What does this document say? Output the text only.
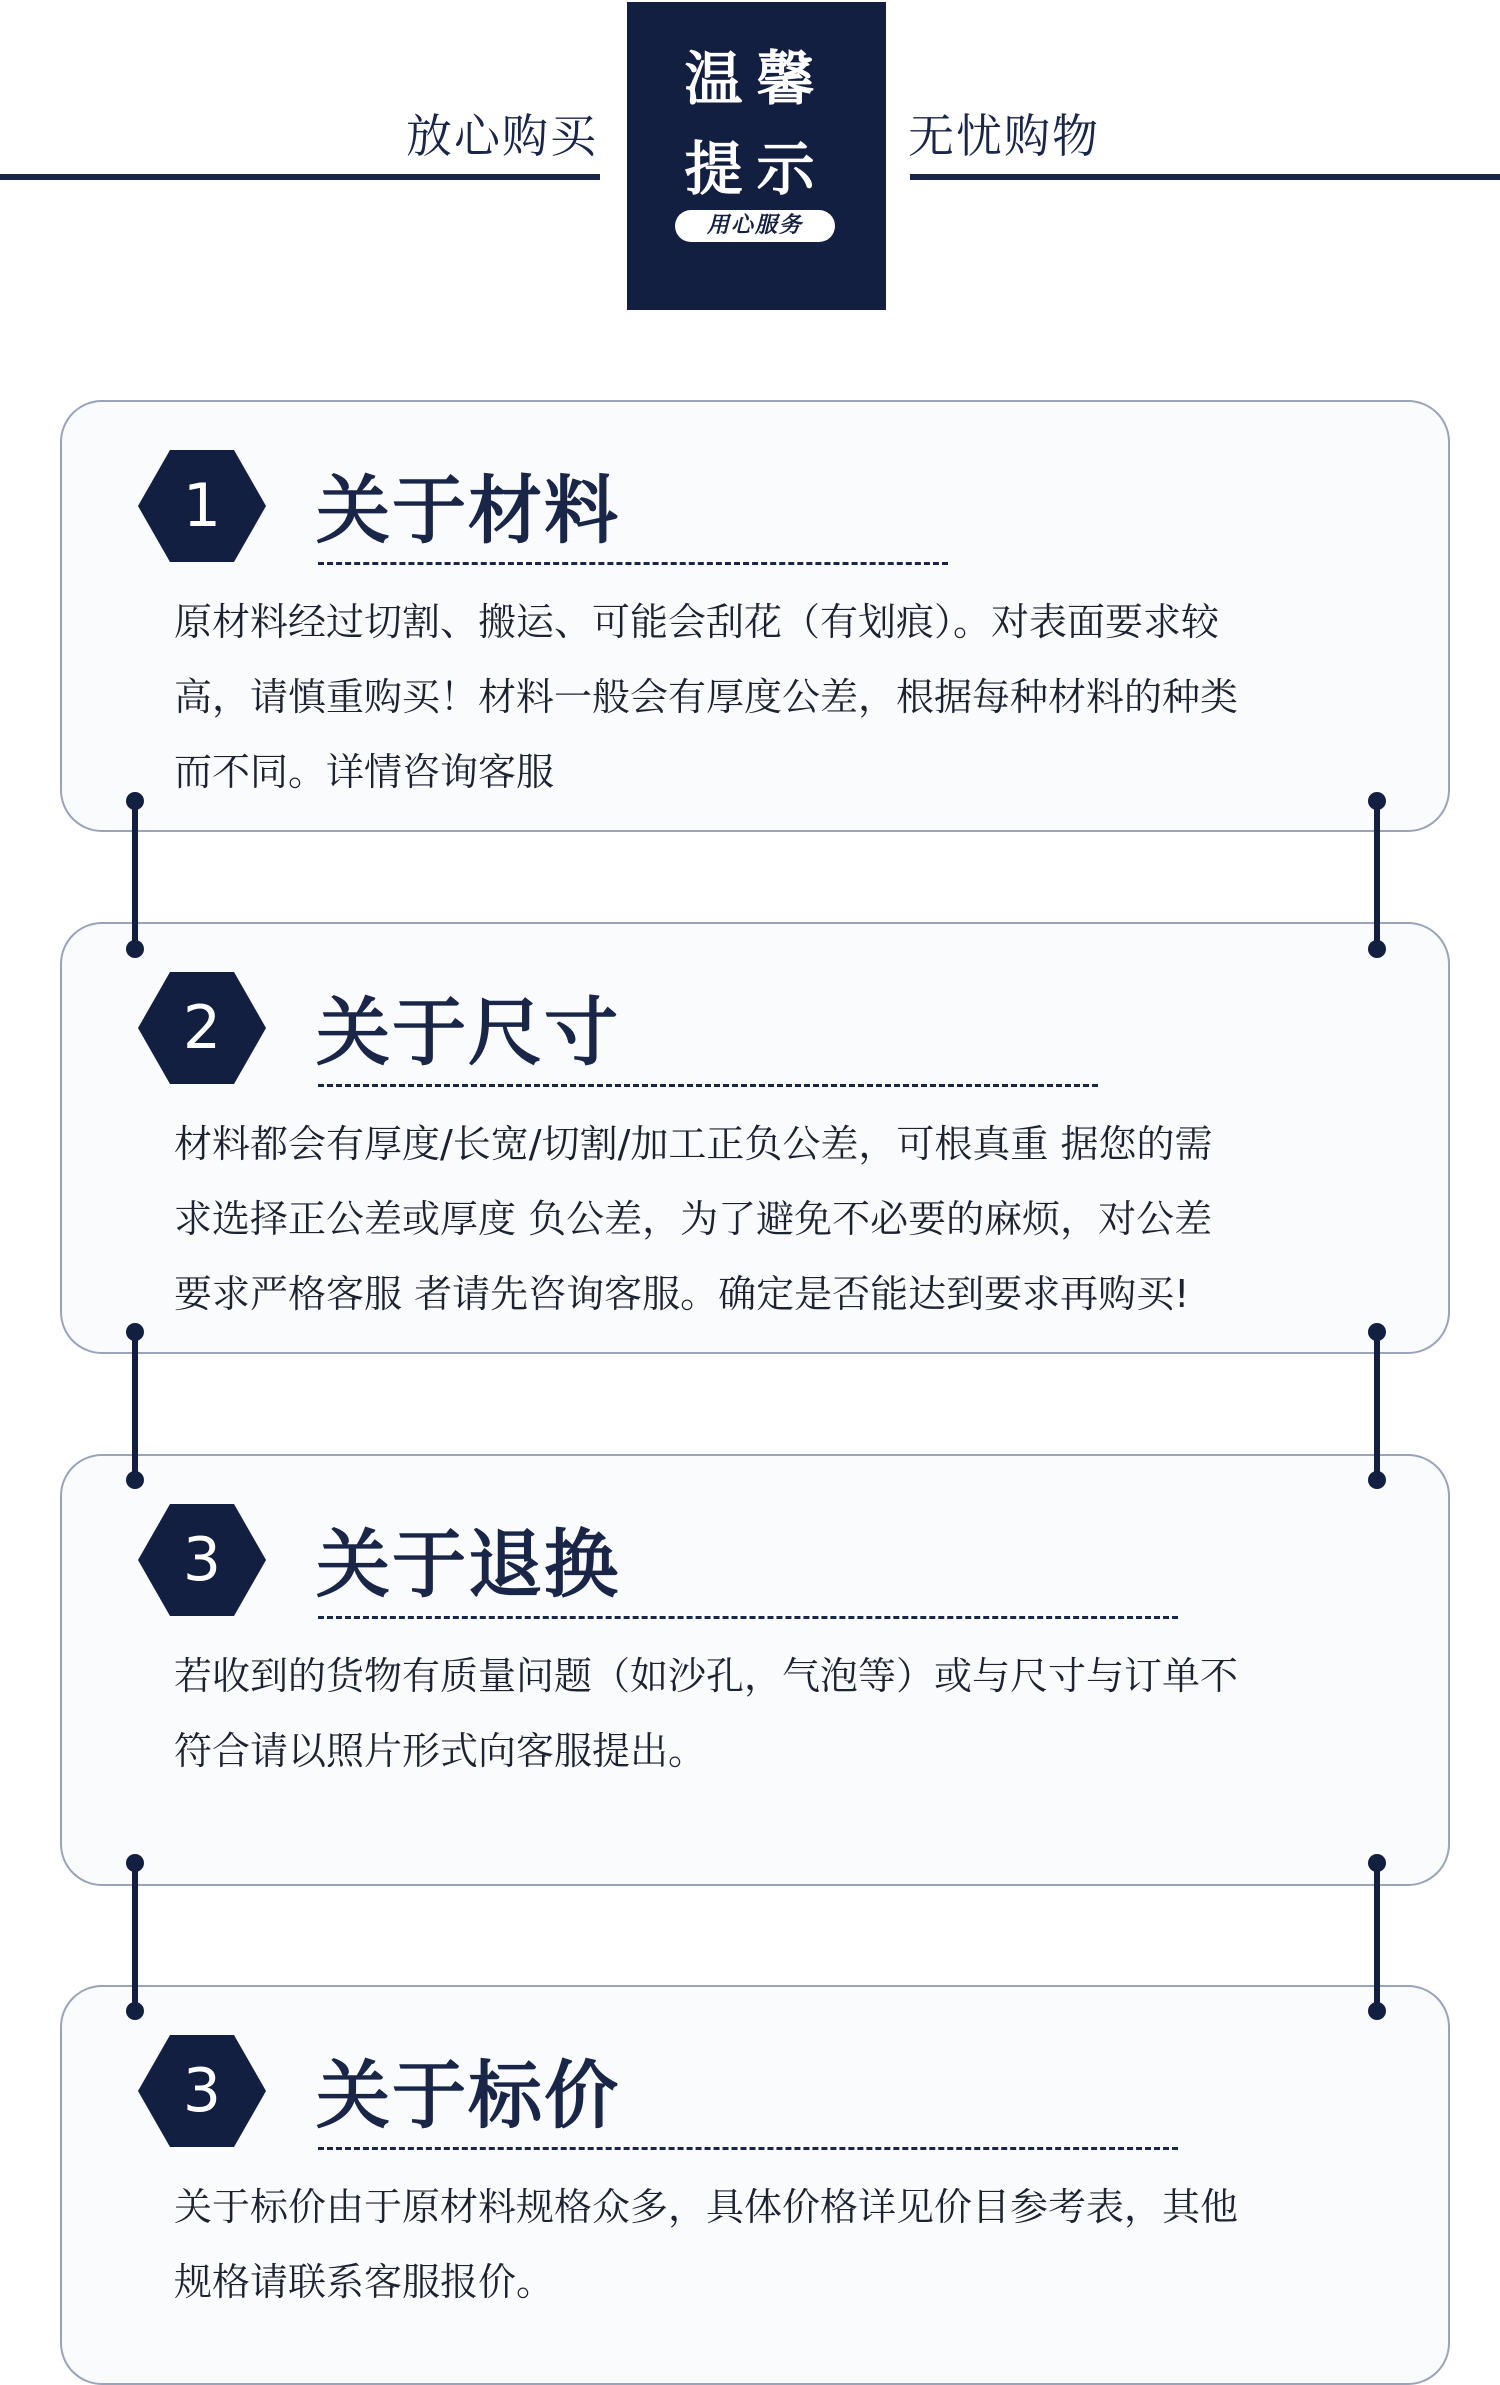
放心购买	无忧购物
温馨
提示
用心服务
1	关于材料
原材料经过切割、搬运、可能会刮花（有划痕）。对表面要求较
高，请慎重购买！材料一般会有厚度公差，根据每种材料的种类
而不同。详情咨询客服
2	关于尺寸
材料都会有厚度/长宽/切割/加工正负公差，可根真重 据您的需
求选择正公差或厚度 负公差，为了避免不必要的麻烦，对公差
要求严格客服 者请先咨询客服。确定是否能达到要求再购买!
3	关于退换
若收到的货物有质量问题（如沙孔，气泡等）或与尺寸与订单不
符合请以照片形式向客服提出。
3	关于标价
关于标价由于原材料规格众多，具体价格详见价目参考表，其他
规格请联系客服报价。
